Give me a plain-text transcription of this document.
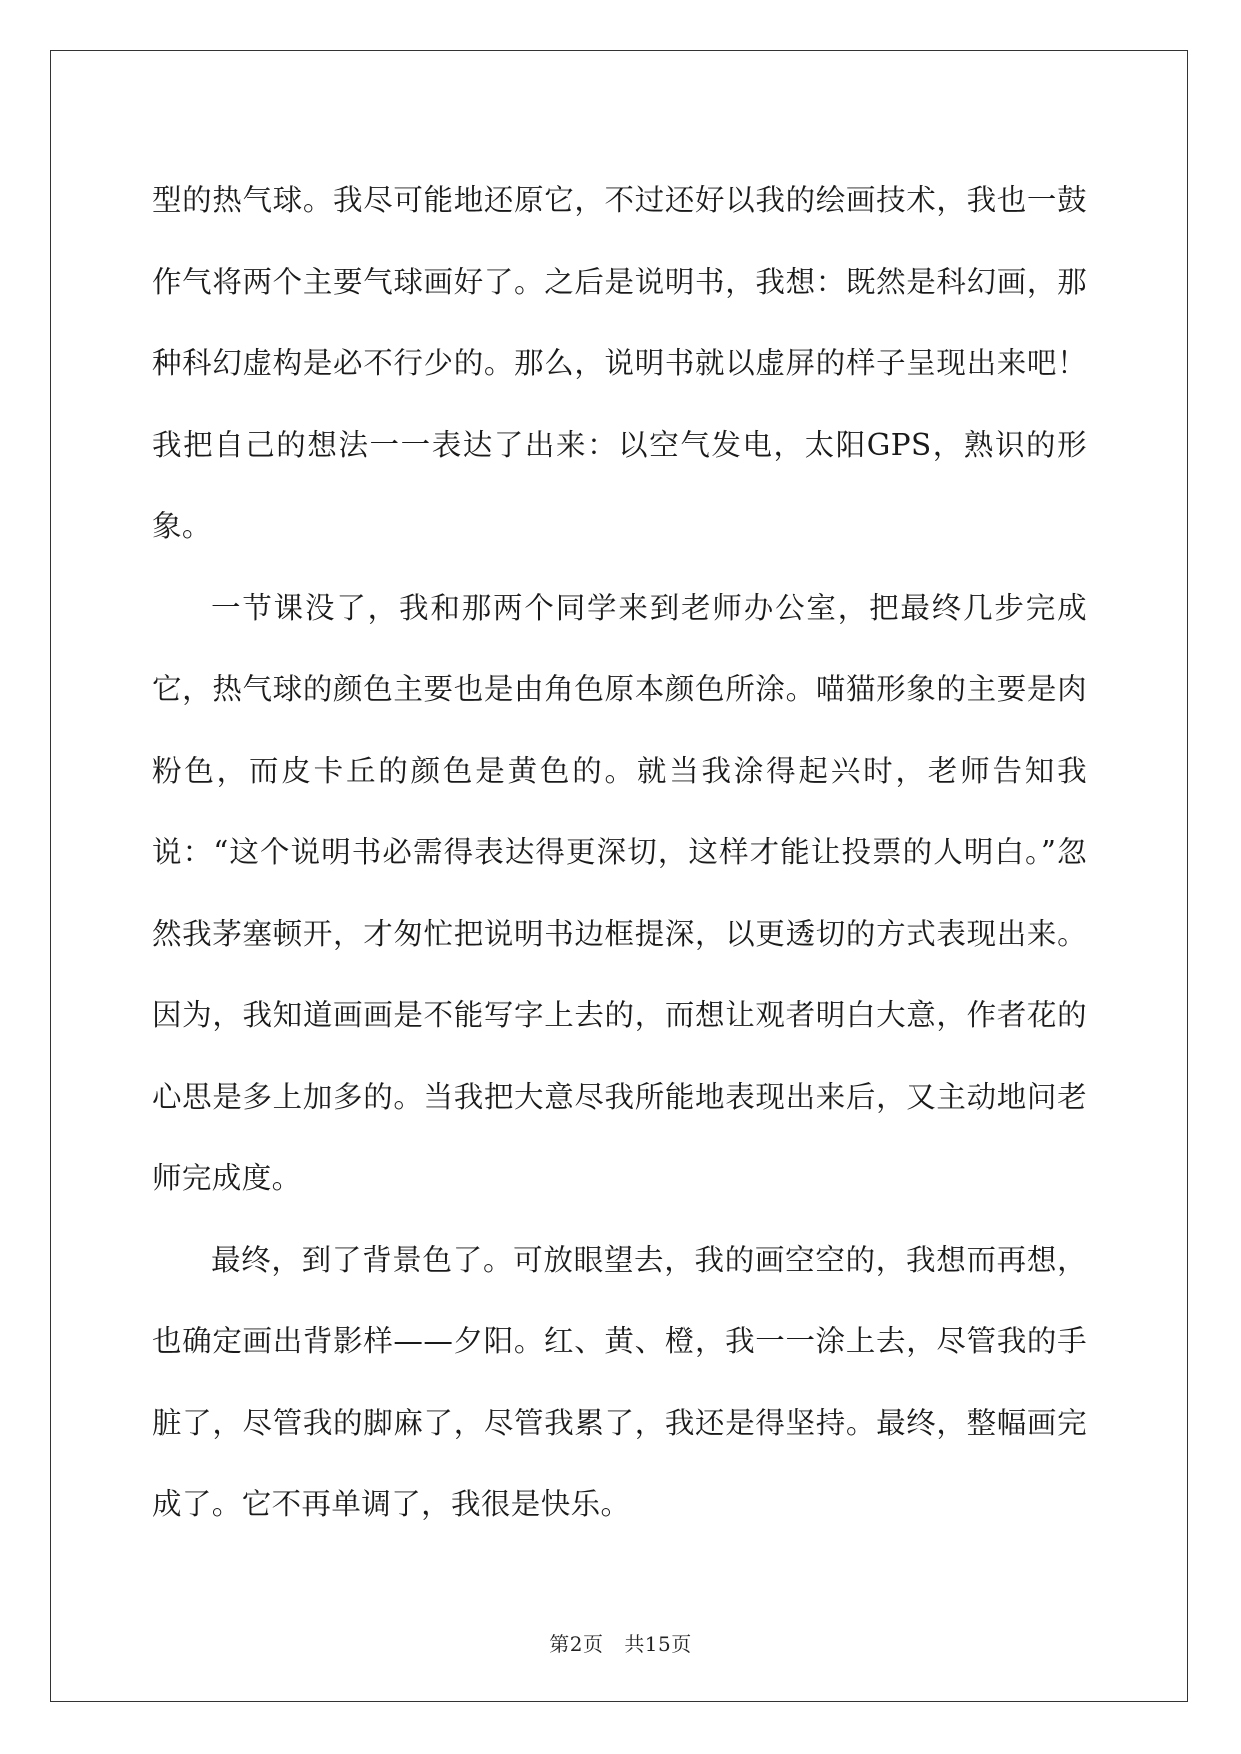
型的热气球。我尽可能地还原它，不过还好以我的绘画技术，我也一鼓作气将两个主要气球画好了。之后是说明书，我想：既然是科幻画，那种科幻虚构是必不行少的。那么，说明书就以虚屏的样子呈现出来吧！我把自己的想法一一表达了出来：以空气发电，太阳GPS，熟识的形象。

一节课没了，我和那两个同学来到老师办公室，把最终几步完成它，热气球的颜色主要也是由角色原本颜色所涂。喵猫形象的主要是肉粉色，而皮卡丘的颜色是黄色的。就当我涂得起兴时，老师告知我说：“这个说明书必需得表达得更深切，这样才能让投票的人明白。”忽然我茅塞顿开，才匆忙把说明书边框提深，以更透切的方式表现出来。因为，我知道画画是不能写字上去的，而想让观者明白大意，作者花的心思是多上加多的。当我把大意尽我所能地表现出来后，又主动地问老师完成度。

最终，到了背景色了。可放眼望去，我的画空空的，我想而再想，也确定画出背影样——夕阳。红、黄、橙，我一一涂上去，尽管我的手脏了，尽管我的脚麻了，尽管我累了，我还是得坚持。最终，整幅画完成了。它不再单调了，我很是快乐。

第2页 共15页
